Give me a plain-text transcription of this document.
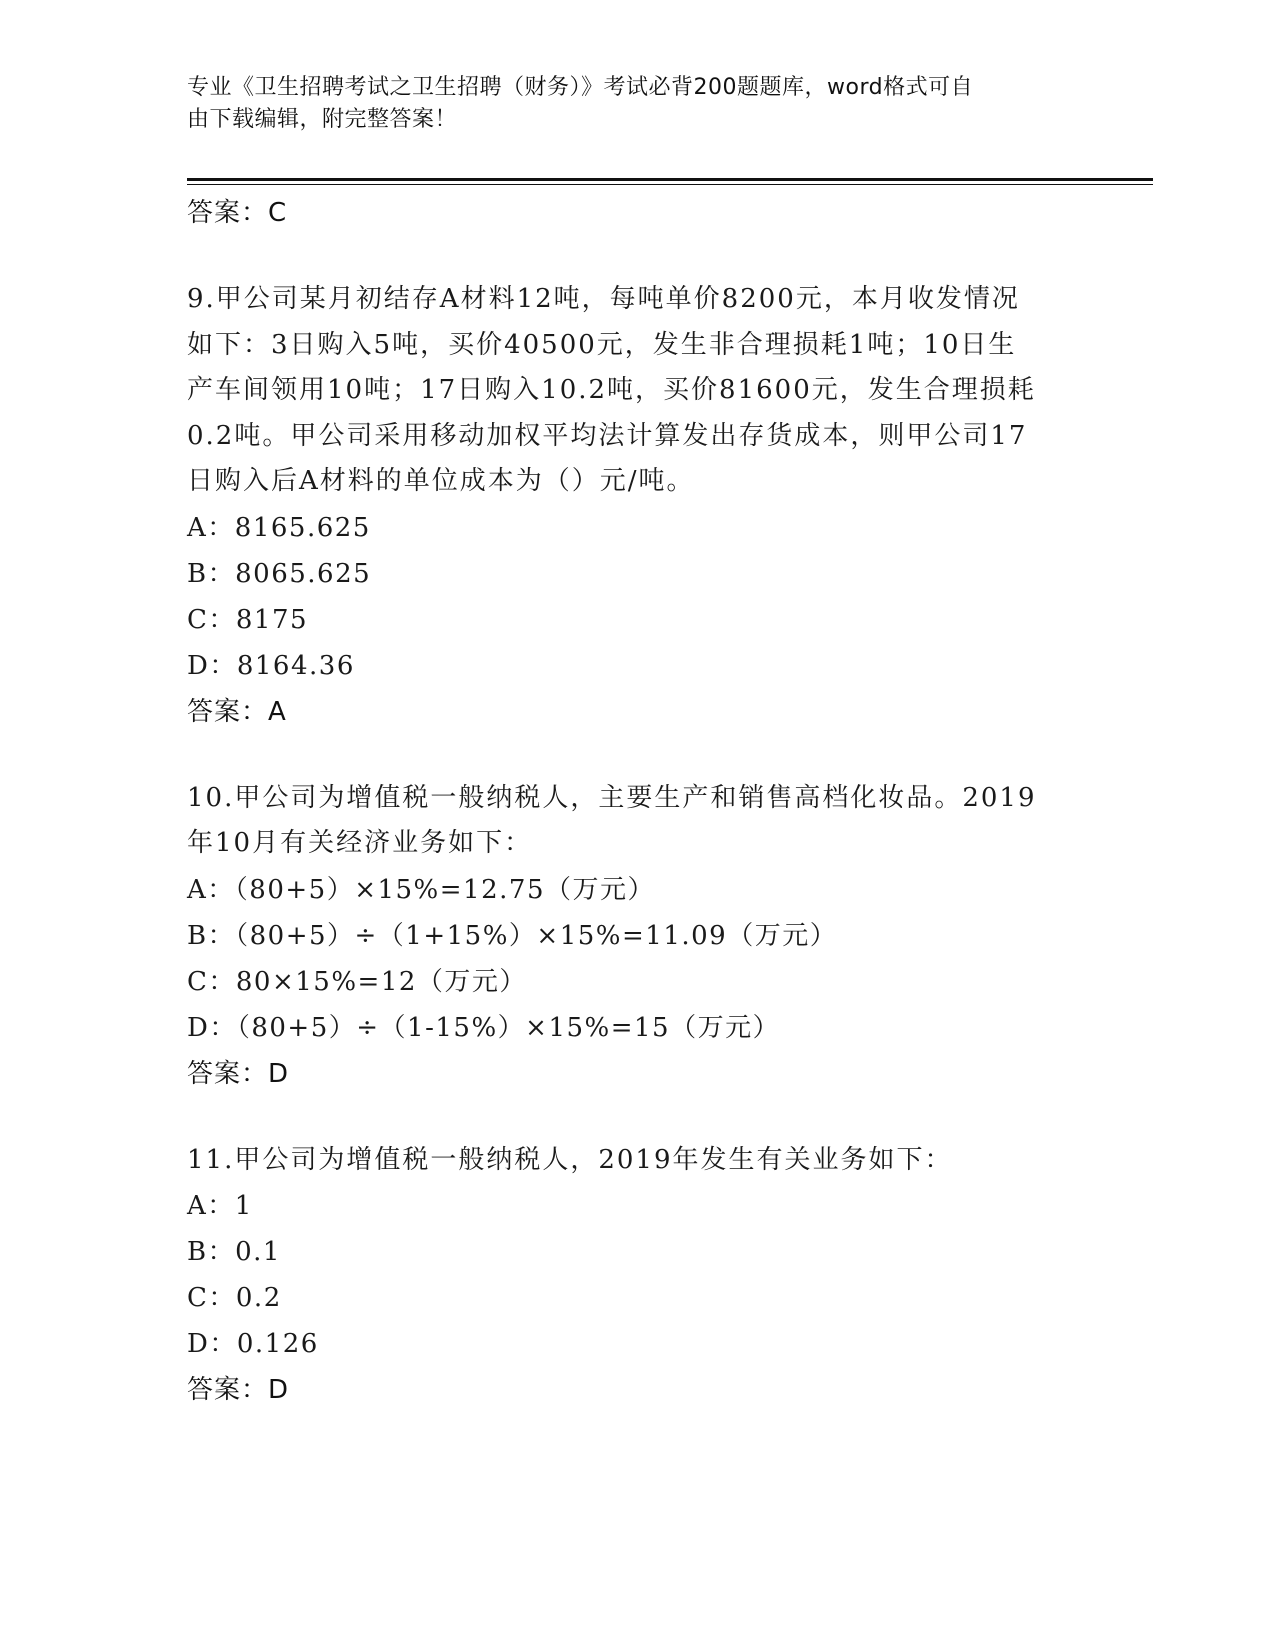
专业《卫生招聘考试之卫生招聘（财务）》考试必背200题题库，word格式可自
由下载编辑，附完整答案！
答案：C
9.甲公司某月初结存A材料12吨，每吨单价8200元，本月收发情况
如下：3日购入5吨，买价40500元，发生非合理损耗1吨；10日生
产车间领用10吨；17日购入10.2吨，买价81600元，发生合理损耗
0.2吨。甲公司采用移动加权平均法计算发出存货成本，则甲公司17
日购入后A材料的单位成本为（）元/吨。
A：8165.625
B：8065.625
C：8175
D：8164.36
答案：A
10.甲公司为增值税一般纳税人，主要生产和销售高档化妆品。2019
年10月有关经济业务如下：
A：（80+5）×15%=12.75（万元）
B：（80+5）÷（1+15%）×15%=11.09（万元）
C：80×15%=12（万元）
D：（80+5）÷（1-15%）×15%=15（万元）
答案：D
11.甲公司为增值税一般纳税人，2019年发生有关业务如下：
A：1
B：0.1
C：0.2
D：0.126
答案：D
